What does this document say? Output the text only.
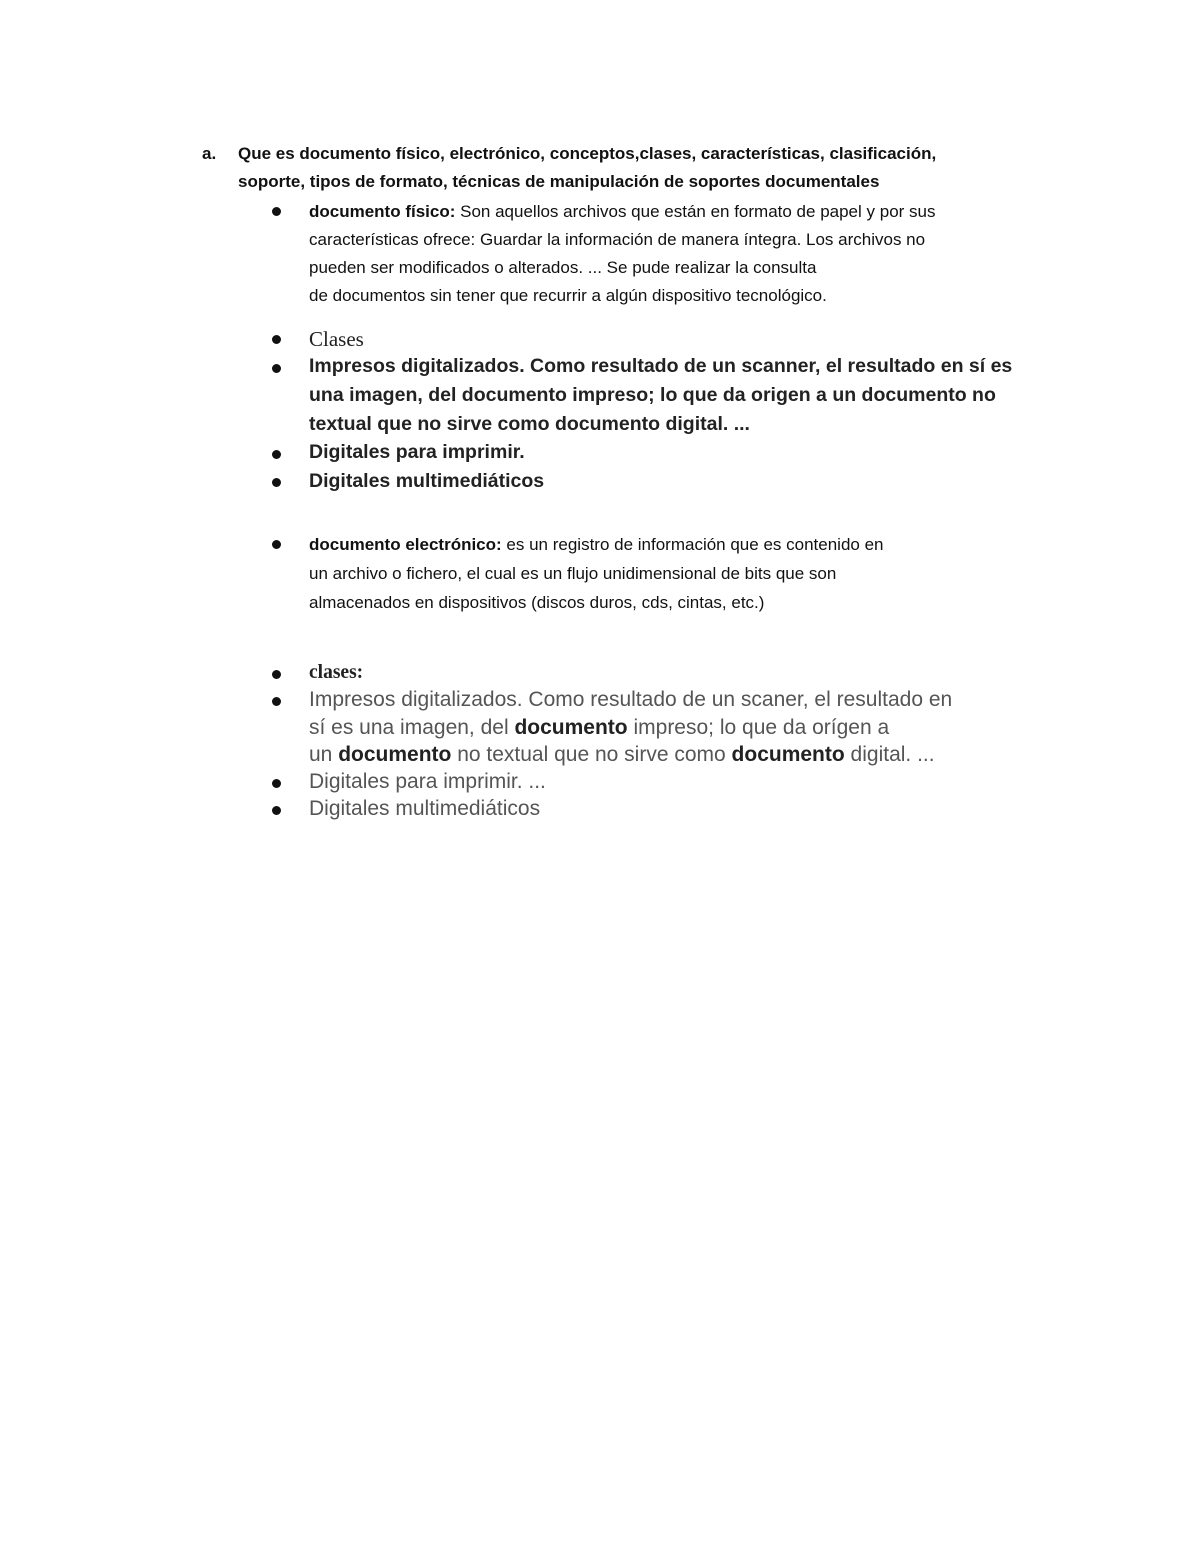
a. Que es documento físico, electrónico, conceptos,clases, características, clasificación,
soporte, tipos de formato, técnicas de manipulación de soportes documentales
documento físico: Son aquellos archivos que están en formato de papel y por sus
características ofrece: Guardar la información de manera íntegra. Los archivos no
pueden ser modificados o alterados. ... Se pude realizar la consulta
de documentos sin tener que recurrir a algún dispositivo tecnológico.
Clases
Impresos digitalizados. Como resultado de un scanner, el resultado en sí es
una imagen, del documento impreso; lo que da origen a un documento no
textual que no sirve como documento digital. ...
Digitales para imprimir.
Digitales multimediáticos
documento electrónico: es un registro de información que es contenido en
un archivo o fichero, el cual es un flujo unidimensional de bits que son
almacenados en dispositivos (discos duros, cds, cintas, etc.)
clases:
Impresos digitalizados. Como resultado de un scaner, el resultado en
sí es una imagen, del documento impreso; lo que da orígen a
un documento no textual que no sirve como documento digital. ...
Digitales para imprimir. ...
Digitales multimediáticos
